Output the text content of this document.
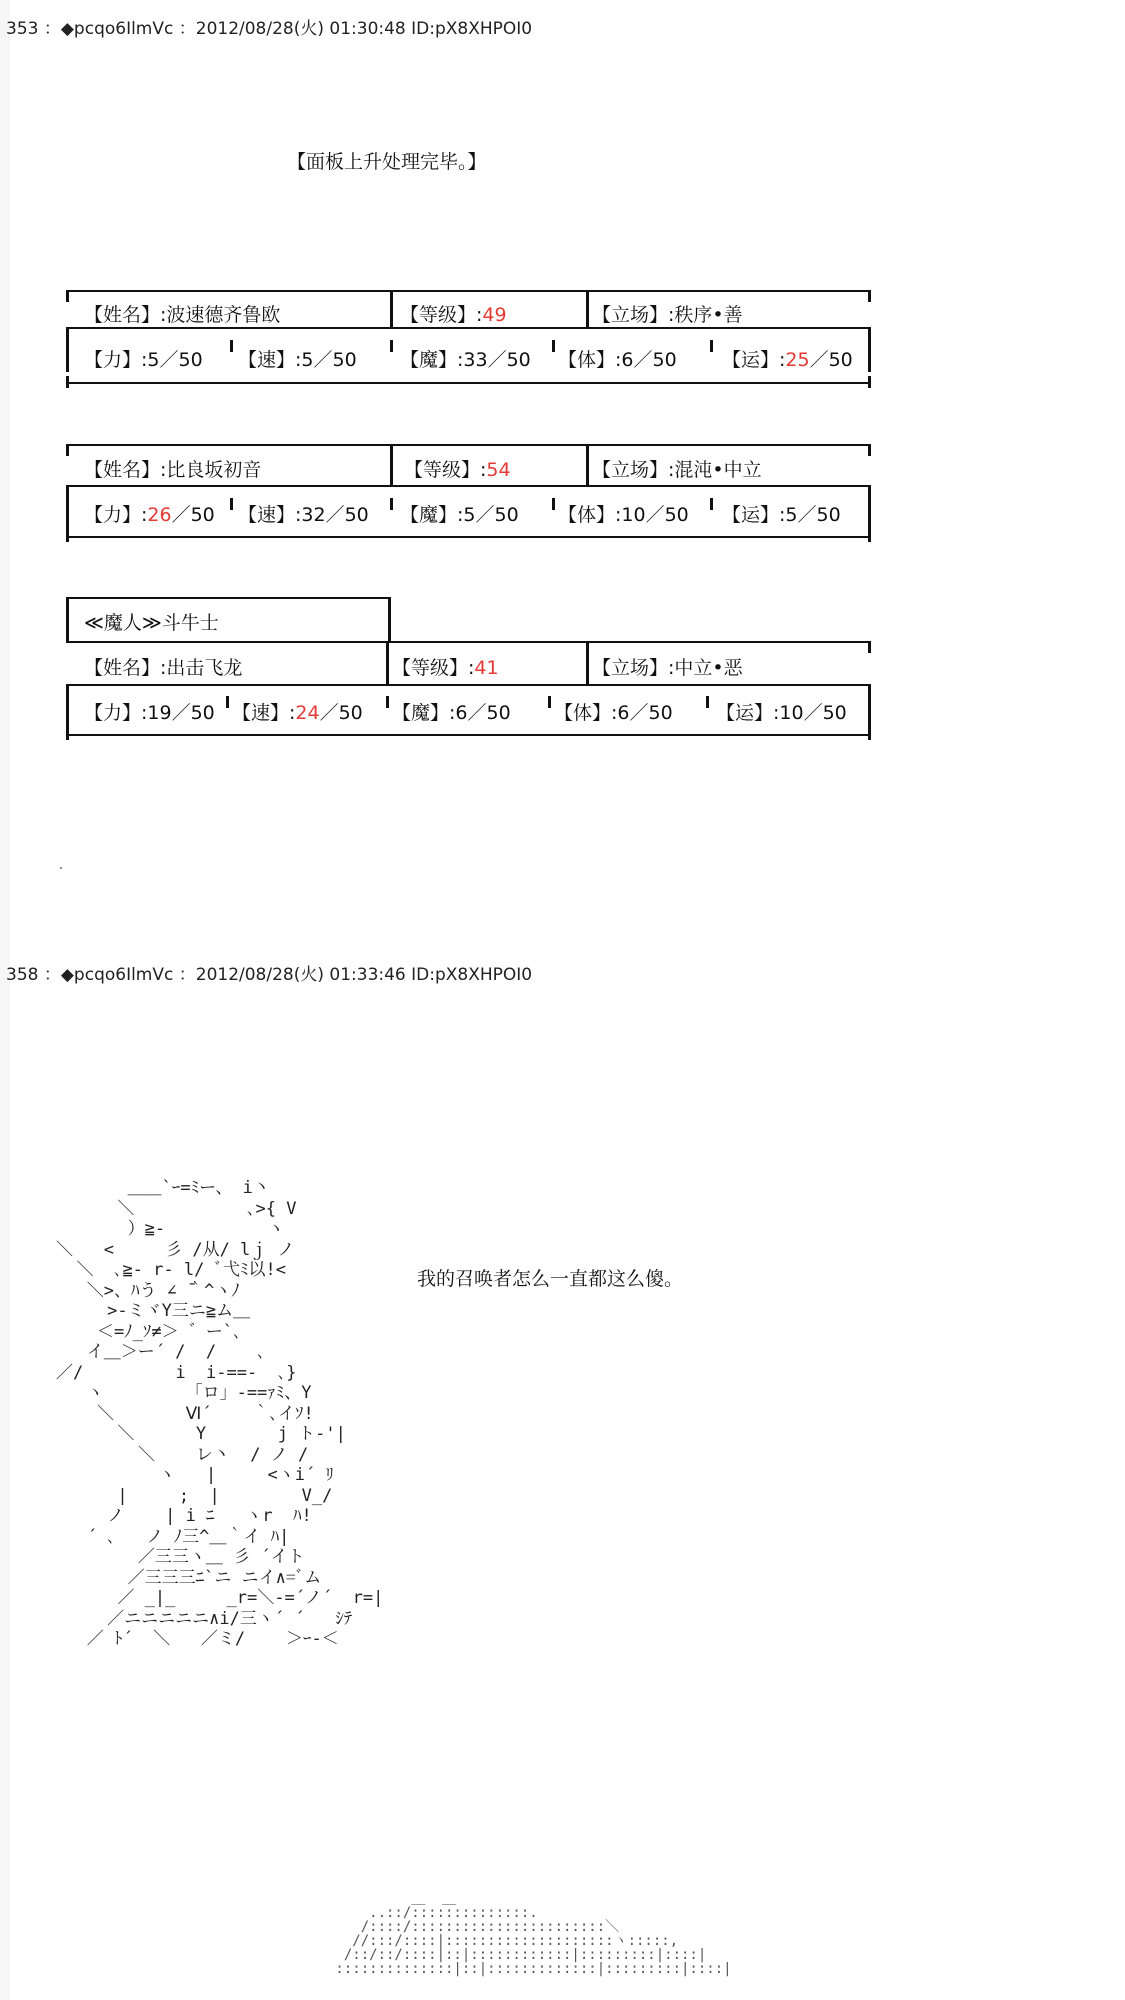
353 ：◆pcqo6IlmVc ：2012/08/28(火) 01:30:48 ID:pX8XHPOI0
【面板上升处理完毕。】
【姓名】:波速德齐鲁欧	【等级】:49	【立场】:秩序•善
【力】:5／50 【速】:5／50 【魔】:33／50 【体】:6／50 【运】:25／50
【姓名】:比良坂初音	【等级】:54	【立场】:混沌•中立
【力】:26／50 【速】:32／50 【魔】:5／50 【体】:10／50 【运】:5／50
≪魔人≫斗牛士
【姓名】:出击飞龙	【等级】:41	【立场】:中立•恶
【力】:19／50 【速】:24／50 【魔】:6／50 【体】:6／50 【运】:10／50
358 ：◆pcqo6IlmVc ：2012/08/28(火) 01:33:46 ID:pX8XHPOI0
＿＿`ｰ=ﾐー、 i丶
＼           ､>{ V
）≧-          ヽ
＼   <     彡 /从/ lｊ ノ
＼  ､≧- r- l/ ﾞ弋ﾐ以!<
＼>、ﾊう ∠ ̄｀^ヽﾉ
>-ミヾY三ニ≧ム＿
＜=ﾉ_ｿ≠＞ ゛ー`､
イ＿＞ー´ /  /    ､
／/         i  i-==-  ､}
ヽ        「ロ」-==ｧﾐ、Y
＼       Ⅵ´    ｀､イｿ!
＼      Y       j ト-'|
＼    レ丶  / ノ /
ヽ   |     <ヽi´ ﾘ
|     ;  |        V_/
ノ    | i ﾆ   ヽr  ﾊ!
´ ､   ノ ﾉ三^＿｀イ ﾊ|
／三三ヽ＿ 彡 ´イト
／三三三ﾆ`ニ ニイ∧=ﾞム
／ _|_     _r=＼-=´ノ´  r=|
／ニニニニニ∧i/三ヽ´ ´   ｼﾃ
／ ﾄ´  ＼   ／ミ/    ＞ｰ-＜
我的召唤者怎么一直都这么傻。
＿  ＿
..::/::::::::::::::.
/::::/:::::::::::::::::::::::＼
//:::/::::|::::::::::::::::::::ヽ:::::,
/::/::/::::|::|::::::::::::|:::::::::|::::|
::::::::::::::|::|:::::::::::::|:::::::::|::::|
